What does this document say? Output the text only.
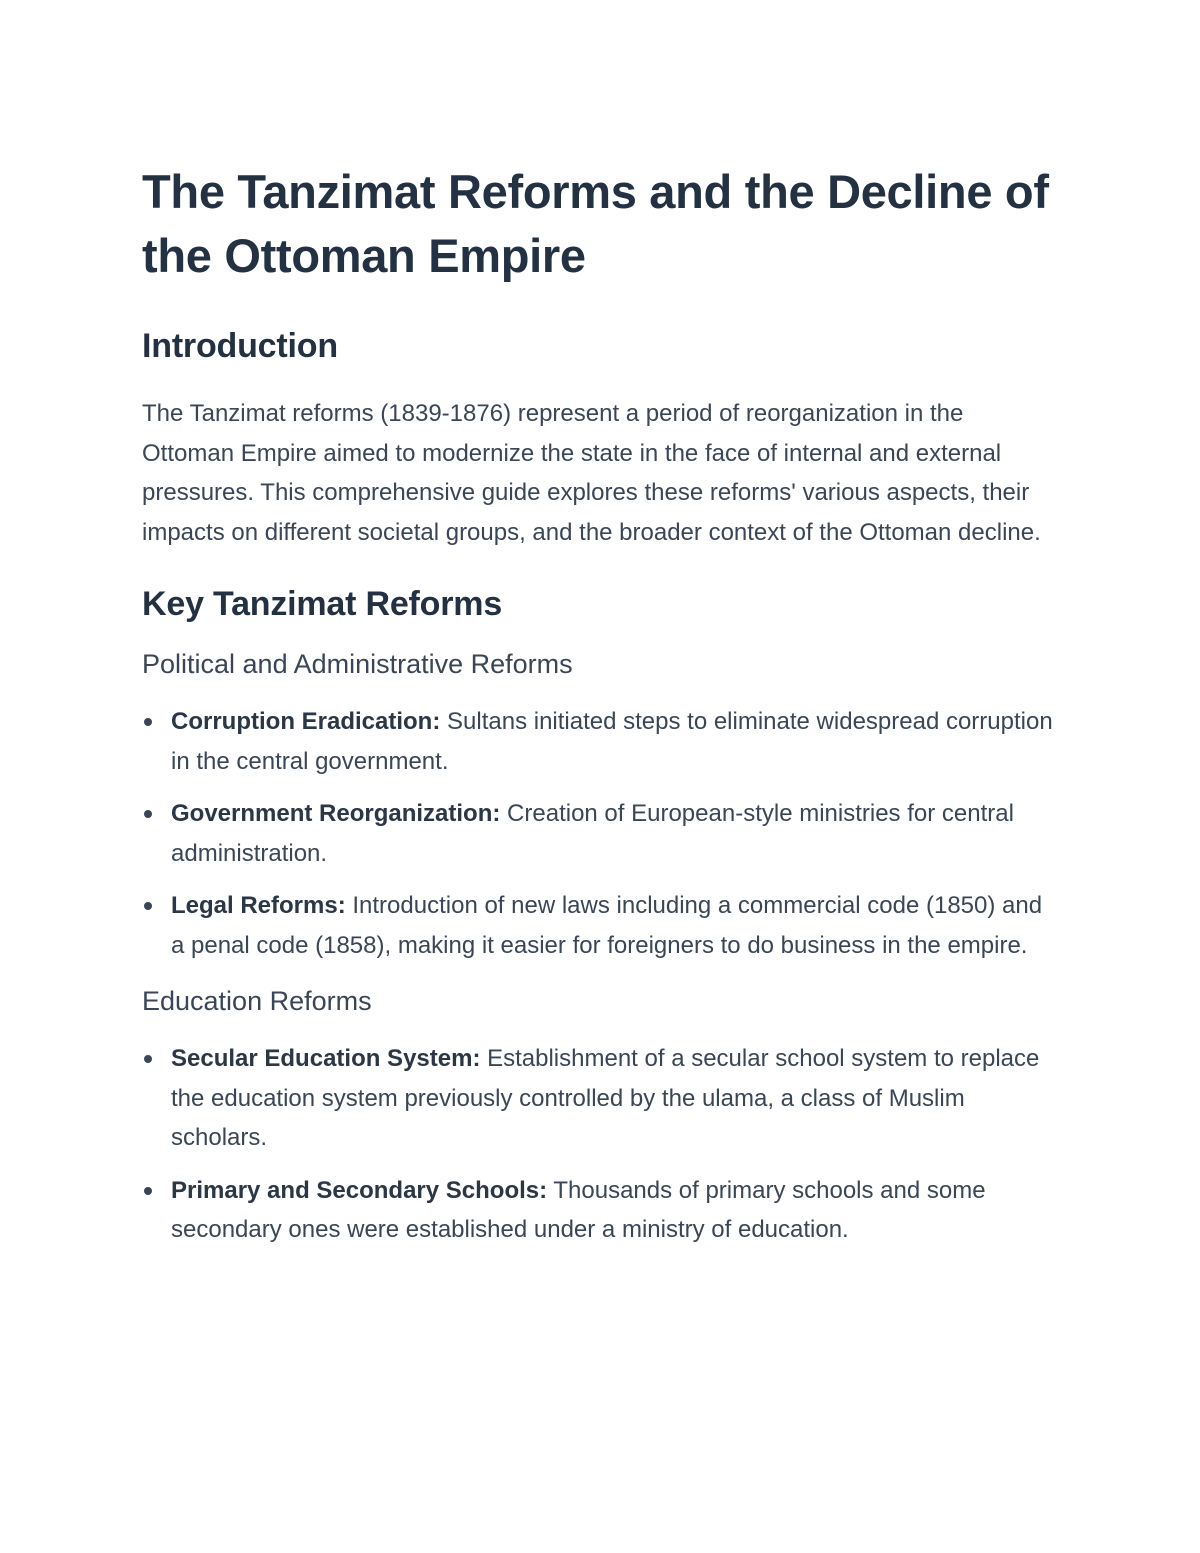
The Tanzimat Reforms and the Decline of the Ottoman Empire
Introduction

The Tanzimat reforms (1839-1876) represent a period of reorganization in the Ottoman Empire aimed to modernize the state in the face of internal and external pressures. This comprehensive guide explores these reforms' various aspects, their impacts on different societal groups, and the broader context of the Ottoman decline.

Key Tanzimat Reforms
Political and Administrative Reforms
Corruption Eradication: Sultans initiated steps to eliminate widespread corruption in the central government.
Government Reorganization: Creation of European-style ministries for central administration.
Legal Reforms: Introduction of new laws including a commercial code (1850) and a penal code (1858), making it easier for foreigners to do business in the empire.
Education Reforms
Secular Education System: Establishment of a secular school system to replace the education system previously controlled by the ulama, a class of Muslim scholars.
Primary and Secondary Schools: Thousands of primary schools and some secondary ones were established under a ministry of education.
